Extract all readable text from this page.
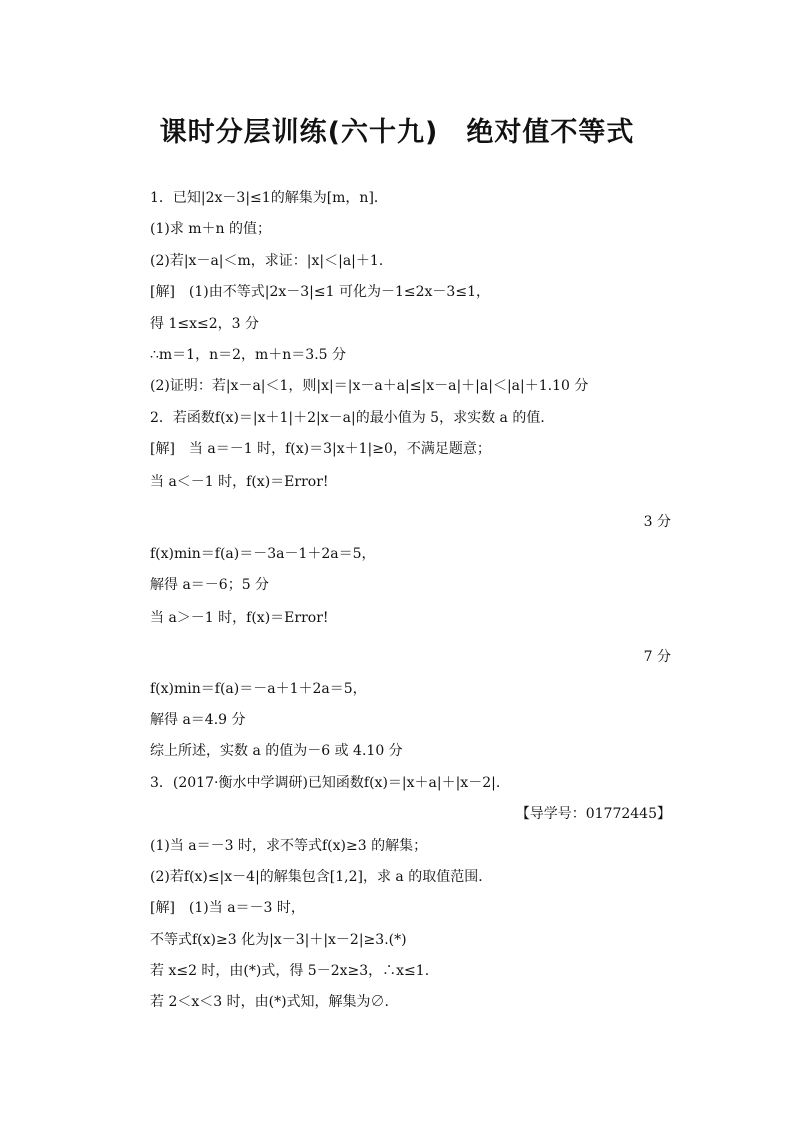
课时分层训练(六十九)　绝对值不等式
1．已知|2x－3|≤1的解集为[m，n]．
(1)求 m＋n 的值；
(2)若|x－a|＜m，求证：|x|＜|a|＋1.
[解]　(1)由不等式|2x－3|≤1 可化为－1≤2x－3≤1，
得 1≤x≤2，3 分
∴m＝1，n＝2，m＋n＝3.5 分
(2)证明：若|x－a|＜1，则|x|＝|x－a＋a|≤|x－a|＋|a|＜|a|＋1.10 分
2．若函数f(x)＝|x＋1|＋2|x－a|的最小值为 5，求实数 a 的值．
[解]　当 a＝－1 时，f(x)＝3|x＋1|≥0，不满足题意；
当 a＜－1 时，f(x)＝Error!
3 分
f(x)min＝f(a)＝－3a－1＋2a＝5，
解得 a＝－6；5 分
当 a＞－1 时，f(x)＝Error!
7 分
f(x)min＝f(a)＝－a＋1＋2a＝5，
解得 a＝4.9 分
综上所述，实数 a 的值为－6 或 4.10 分
3．(2017·衡水中学调研)已知函数f(x)＝|x＋a|＋|x－2|.
【导学号：01772445】
(1)当 a＝－3 时，求不等式f(x)≥3 的解集；
(2)若f(x)≤|x－4|的解集包含[1,2]，求 a 的取值范围．
[解]　(1)当 a＝－3 时，
不等式f(x)≥3 化为|x－3|＋|x－2|≥3.(*)
若 x≤2 时，由(*)式，得 5－2x≥3，∴x≤1.
若 2＜x＜3 时，由(*)式知，解集为∅.
